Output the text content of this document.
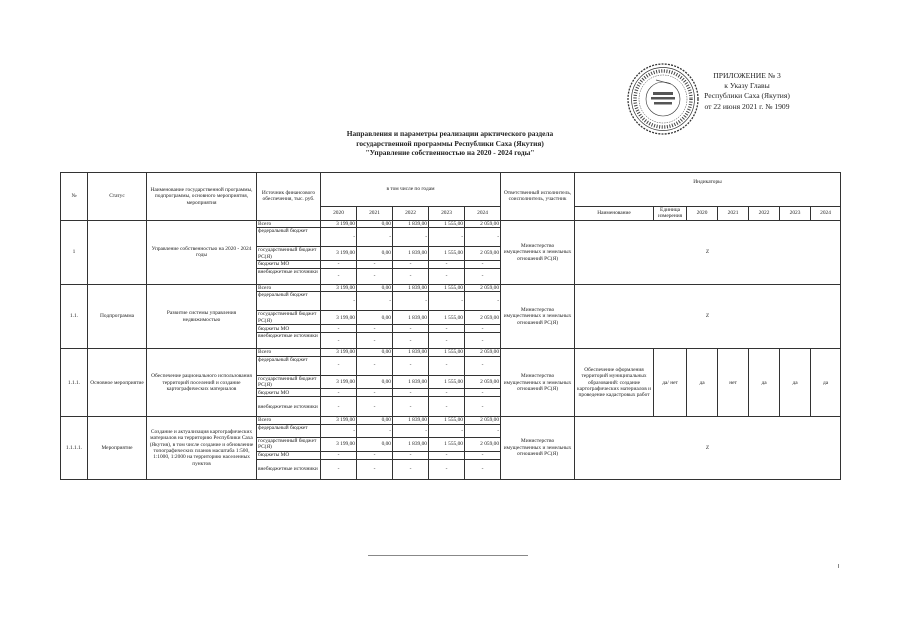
ПРИЛОЖЕНИЕ № 3
к Указу Главы
Республики Саха (Якутия)
от 22 июня 2021 г. № 1909
Направления и параметры реализации арктического раздела
государственной программы Республики Саха (Якутия)
"Управление собственностью на 2020 - 2024 годы"
№	Статус	Наименование государственной программы, подпрограммы, основного мероприятия, мероприятия	Источник финансового обеспечения, тыс. руб.	в том числе по годам					Ответственный исполнитель, соисполнитель, участник	Индикаторы						
				2020	2021	2022	2023	2024		Наименование	Единица измерения	2020	2021	2022	2023	2024
1		Управление собственностью на 2020 - 2024 годы	Всего	3 199,00	0,00	1 839,00	1 555,00	2 059,00	Министерство имущественных и земельных отношений РС(Я)	Z						
			федеральный бюджет	-	-	-	-	-								
			государственный бюджет РС(Я)	3 199,00	0,00	1 839,00	1 555,00	2 059,00								
			бюджеты МО	-	-	-	-	-								
			внебюджетные источники	-	-	-	-	-								
1.1.	Подпрограмма	Развитие системы управления недвижимостью	Всего	3 199,00	0,00	1 839,00	1 555,00	2 059,00	Министерство имущественных и земельных отношений РС(Я)	Z						
			федеральный бюджет	-	-	-	-	-								
			государственный бюджет РС(Я)	3 199,00	0,00	1 839,00	1 555,00	2 059,00								
			бюджеты МО	-	-	-	-	-								
			внебюджетные источники	-	-	-	-	-								
1.1.1.	Основное мероприятие	Обеспечение рационального использования территорий поселений и создание картографических материалов	Всего	3 199,00	0,00	1 839,00	1 555,00	2 059,00	Министерство имущественных и земельных отношений РС(Я)	Обеспечение оформления территорий муниципальных образований: создание картографических материалов и проведение кадастровых работ	да/ нет	да	нет	да	да	да
			федеральный бюджет	-	-	-	-	-								
			государственный бюджет РС(Я)	3 199,00	0,00	1 839,00	1 555,00	2 059,00								
			бюджеты МО	-	-	-	-	-								
			внебюджетные источники	-	-	-	-	-								
1.1.1.1.	Мероприятие	Создание и актуализация картографических материалов на территорию Республики Саха (Якутия), в том числе создание и обновление топографических планов масштаба 1:500, 1:1000, 1:2000 на территорию населенных пунктов	Всего	3 199,00	0,00	1 839,00	1 555,00	2 059,00	Министерство имущественных и земельных отношений РС(Я)	Z						
			федеральный бюджет	-	-	-	-	-								
			государственный бюджет РС(Я)	3 199,00	0,00	1 839,00	1 555,00	2 059,00								
			бюджеты МО	-	-	-	-	-								
			внебюджетные источники	-	-	-	-	-								
